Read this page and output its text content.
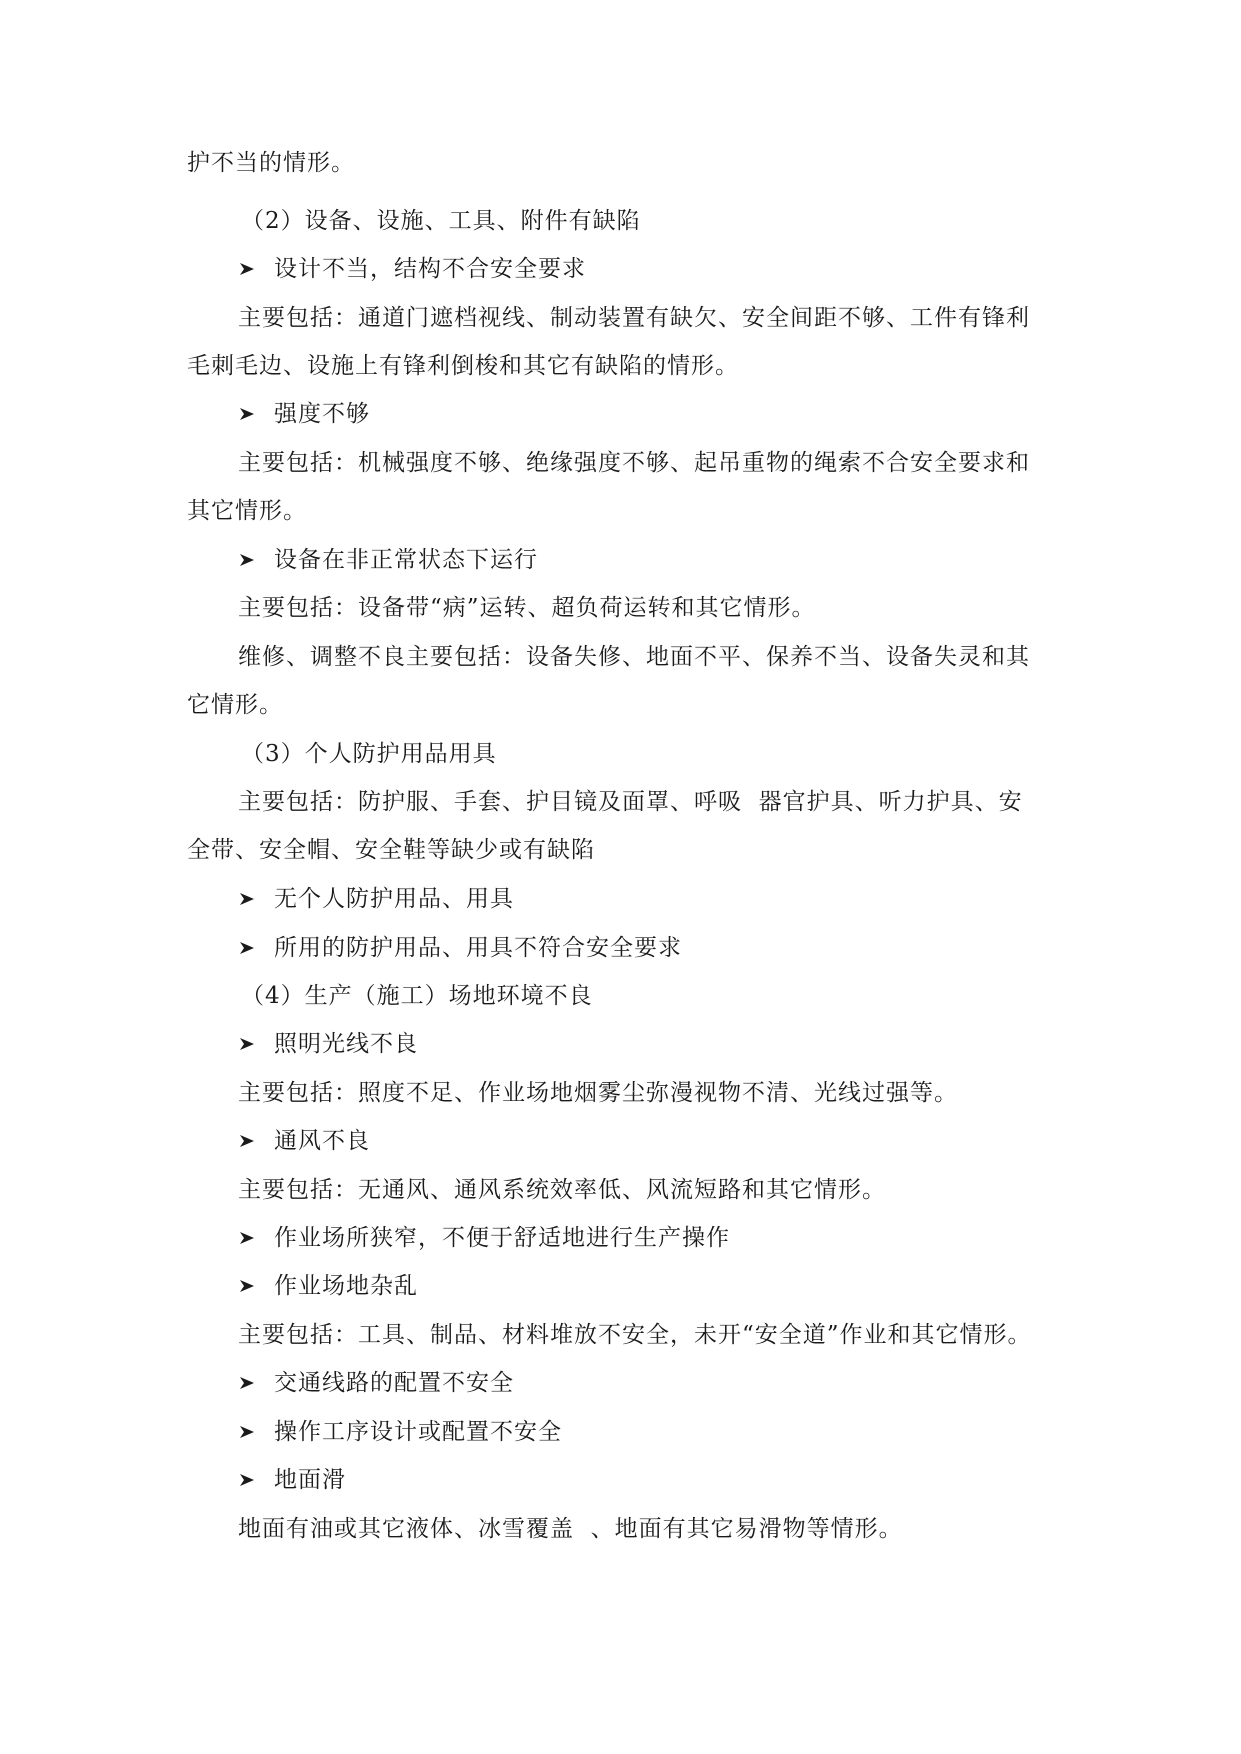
护不当的情形。
（2）设备、设施、工具、附件有缺陷
设计不当，结构不合安全要求
主要包括：通道门遮档视线、制动装置有缺欠、安全间距不够、工件有锋利
毛刺毛边、设施上有锋利倒梭和其它有缺陷的情形。
强度不够
主要包括：机械强度不够、绝缘强度不够、起吊重物的绳索不合安全要求和
其它情形。
设备在非正常状态下运行
主要包括：设备带“病”运转、超负荷运转和其它情形。
维修、调整不良主要包括：设备失修、地面不平、保养不当、设备失灵和其
它情形。
（3）个人防护用品用具
主要包括：防护服、手套、护目镜及面罩、呼吸  器官护具、听力护具、安
全带、安全帽、安全鞋等缺少或有缺陷
无个人防护用品、用具
所用的防护用品、用具不符合安全要求
（4）生产（施工）场地环境不良
照明光线不良
主要包括：照度不足、作业场地烟雾尘弥漫视物不清、光线过强等。
通风不良
主要包括：无通风、通风系统效率低、风流短路和其它情形。
作业场所狭窄，不便于舒适地进行生产操作
作业场地杂乱
主要包括：工具、制品、材料堆放不安全，未开“安全道”作业和其它情形。
交通线路的配置不安全
操作工序设计或配置不安全
地面滑
地面有油或其它液体、冰雪覆盖  、地面有其它易滑物等情形。
